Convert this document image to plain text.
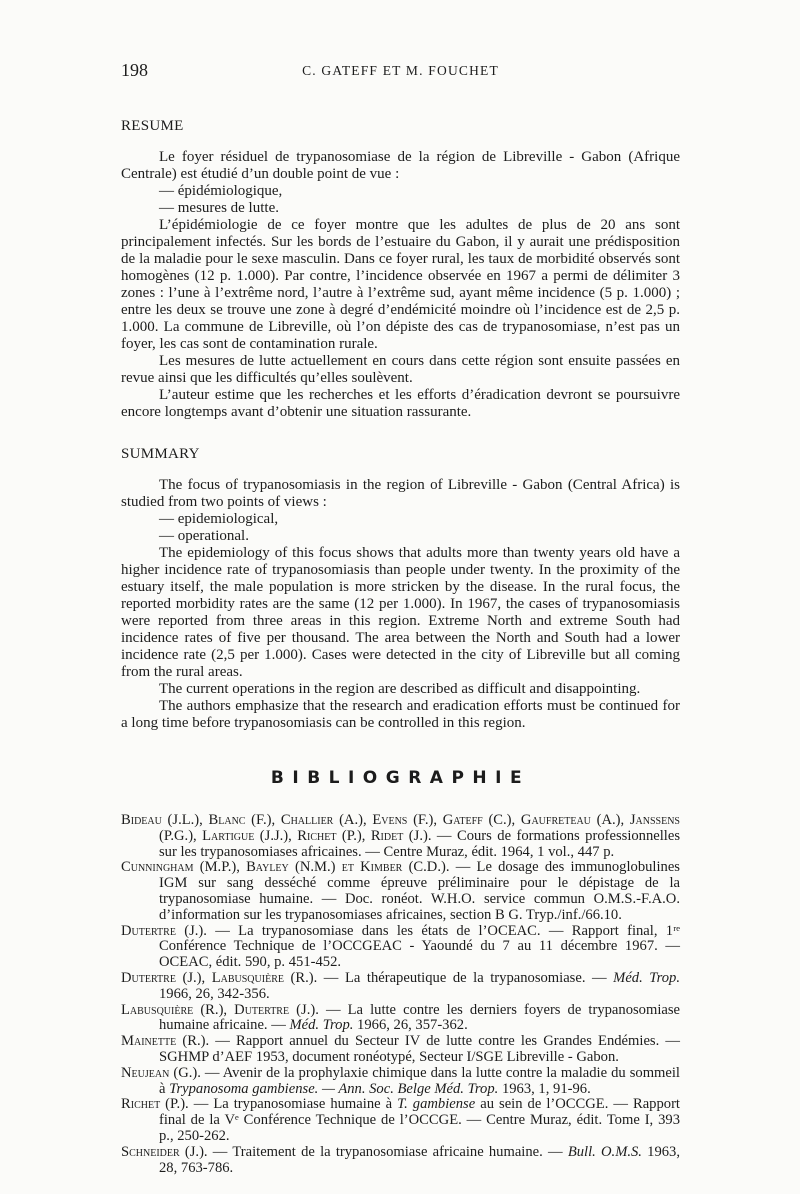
198	C. GATEFF ET M. FOUCHET
RESUME

Le foyer résiduel de trypanosomiase de la région de Libreville - Gabon (Afrique Centrale) est étudié d’un double point de vue :

— épidémiologique,

— mesures de lutte.

L’épidémiologie de ce foyer montre que les adultes de plus de 20 ans sont principalement infectés. Sur les bords de l’estuaire du Gabon, il y aurait une prédisposition de la maladie pour le sexe masculin. Dans ce foyer rural, les taux de morbidité observés sont homogènes (12 p. 1.000). Par contre, l’incidence observée en 1967 a permi de délimiter 3 zones : l’une à l’extrême nord, l’autre à l’extrême sud, ayant même incidence (5 p. 1.000) ; entre les deux se trouve une zone à degré d’endémicité moindre où l’incidence est de 2,5 p. 1.000. La commune de Libreville, où l’on dépiste des cas de trypanosomiase, n’est pas un foyer, les cas sont de contamination rurale.

Les mesures de lutte actuellement en cours dans cette région sont ensuite passées en revue ainsi que les difficultés qu’elles soulèvent.

L’auteur estime que les recherches et les efforts d’éradication devront se poursuivre encore longtemps avant d’obtenir une situation rassurante.

SUMMARY

The focus of trypanosomiasis in the region of Libreville - Gabon (Central Africa) is studied from two points of views :

— epidemiological,

— operational.

The epidemiology of this focus shows that adults more than twenty years old have a higher incidence rate of trypanosomiasis than people under twenty. In the proximity of the estuary itself, the male population is more stricken by the disease. In the rural focus, the reported morbidity rates are the same (12 per 1.000). In 1967, the cases of trypanosomiasis were reported from three areas in this region. Extreme North and extreme South had incidence rates of five per thousand. The area between the North and South had a lower incidence rate (2,5 per 1.000). Cases were detected in the city of Libreville but all coming from the rural areas.

The current operations in the region are described as difficult and disappointing.

The authors emphasize that the research and eradication efforts must be continued for a long time before trypanosomiasis can be controlled in this region.

BIBLIOGRAPHIE

Bideau (J.L.), Blanc (F.), Challier (A.), Evens (F.), Gateff (C.), Gaufreteau (A.), Janssens (P.G.), Lartigue (J.J.), Richet (P.), Ridet (J.). — Cours de formations professionnelles sur les trypanosomiases africaines. — Centre Muraz, édit. 1964, 1 vol., 447 p.

Cunningham (M.P.), Bayley (N.M.) et Kimber (C.D.). — Le dosage des immunoglobulines IGM sur sang desséché comme épreuve préliminaire pour le dépistage de la trypanosomiase humaine. — Doc. ronéot. W.H.O. service commun O.M.S.-F.A.O. d’information sur les trypanosomiases africaines, section B G. Tryp./inf./66.10.

Dutertre (J.). — La trypanosomiase dans les états de l’OCEAC. — Rapport final, 1ʳᵉ Conférence Technique de l’OCCGEAC - Yaoundé du 7 au 11 décembre 1967. — OCEAC, édit. 590, p. 451-452.

Dutertre (J.), Labusquière (R.). — La thérapeutique de la trypanosomiase. — Méd. Trop. 1966, 26, 342-356.

Labusquière (R.), Dutertre (J.). — La lutte contre les derniers foyers de trypanosomiase humaine africaine. — Méd. Trop. 1966, 26, 357-362.

Mainette (R.). — Rapport annuel du Secteur IV de lutte contre les Grandes Endémies. — SGHMP d’AEF 1953, document ronéotypé, Secteur I/SGE Libreville - Gabon.

Neujean (G.). — Avenir de la prophylaxie chimique dans la lutte contre la maladie du sommeil à Trypanosoma gambiense. — Ann. Soc. Belge Méd. Trop. 1963, 1, 91-96.

Richet (P.). — La trypanosomiase humaine à T. gambiense au sein de l’OCCGE. — Rapport final de la Vᵉ Conférence Technique de l’OCCGE. — Centre Muraz, édit. Tome I, 393 p., 250-262.

Schneider (J.). — Traitement de la trypanosomiase africaine humaine. — Bull. O.M.S. 1963, 28, 763-786.
